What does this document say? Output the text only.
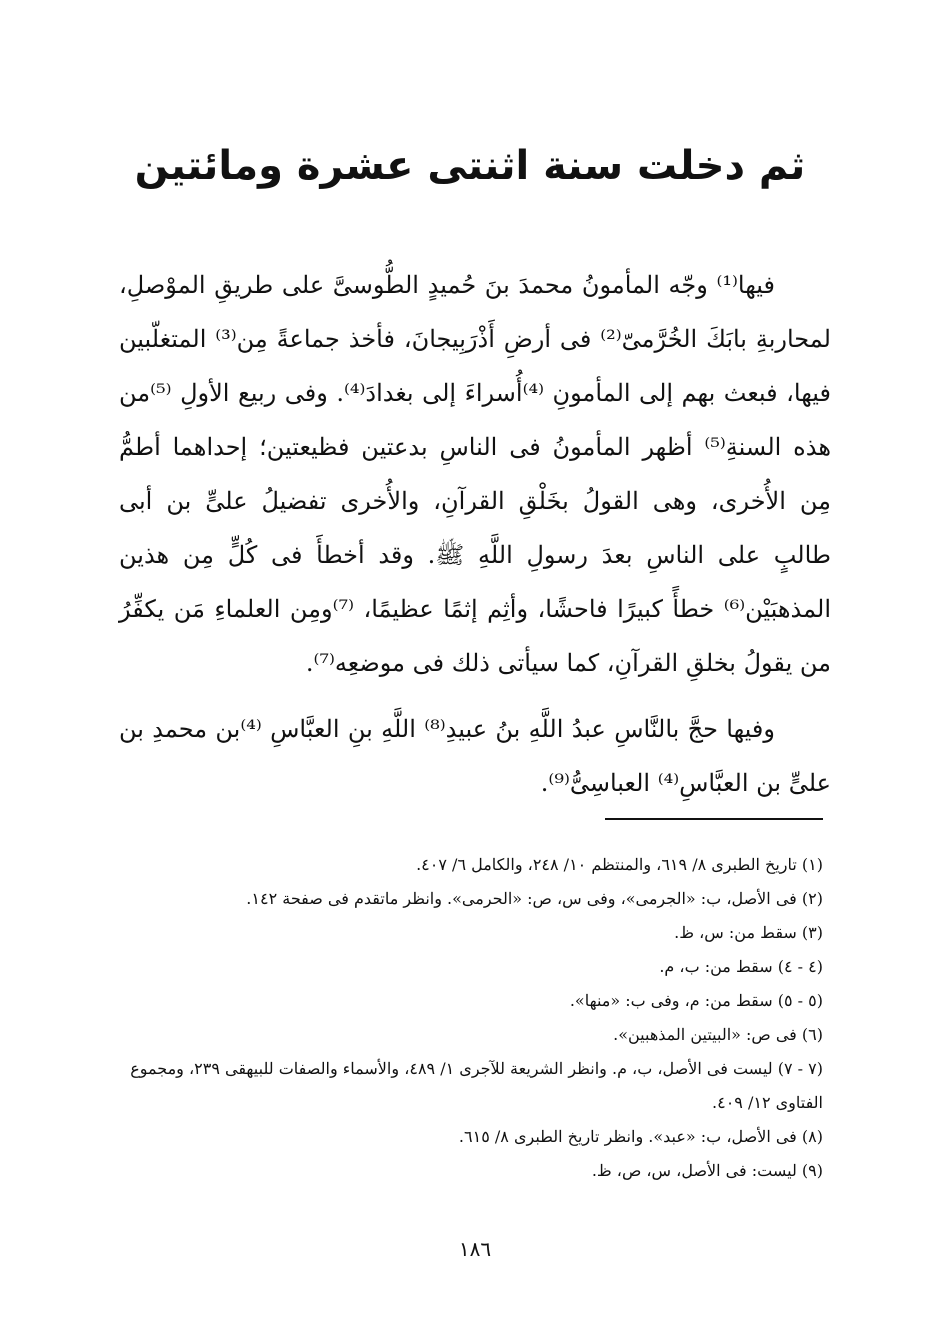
ثم دخلت سنة اثنتى عشرة ومائتين

فيها⁽¹⁾ وجّه المأمونُ محمدَ بنَ حُميدٍ الطُّوسىَّ على طريقِ الموْصلِ، لمحاربةِ بابَكَ الخُرَّمىّ⁽²⁾ فى أرضِ أَذْرَبِيجانَ، فأخذ جماعةً مِن⁽³⁾ المتغلّبين فيها، فبعث بهم إلى المأمونِ ⁽⁴⁾أُسراءَ إلى بغدادَ⁽⁴⁾. وفى ربيع الأولِ ⁽⁵⁾من هذه السنةِ⁽⁵⁾ أظهر المأمونُ فى الناسِ بدعتين فظيعتين؛ إحداهما أطمُّ مِن الأُخرى، وهى القولُ بخَلْقِ القرآنِ، والأُخرى تفضيلُ علىٍّ بن أبى طالبٍ على الناسِ بعدَ رسولِ اللَّهِ ﷺ. وقد أخطأَ فى كُلٍّ مِن هذين المذهبَيْن⁽⁶⁾ خطأً كبيرًا فاحشًا، وأثِم إثمًا عظيمًا، ⁽⁷⁾ومِن العلماءِ مَن يكفِّرُ من يقولُ بخلقِ القرآنِ، كما سيأتى ذلك فى موضعِه⁽⁷⁾.

وفيها حجَّ بالنَّاسِ عبدُ اللَّهِ بنُ عبيدِ⁽⁸⁾ اللَّهِ بنِ العبَّاسِ ⁽⁴⁾بن محمدِ بن علىٍّ بن العبَّاسِ⁽⁴⁾ العباسِىُّ⁽⁹⁾.

(١) تاريخ الطبرى ٨/ ٦١٩، والمنتظم ١٠/ ٢٤٨، والكامل ٦/ ٤٠٧.
(٢) فى الأصل، ب: «الجرمى»، وفى س، ص: «الحرمى». وانظر ماتقدم فى صفحة ١٤٢.
(٣) سقط من: س، ظ.
(٤ - ٤) سقط من: ب، م.
(٥ - ٥) سقط من: م، وفى ب: «منها».
(٦) فى ص: «البيتين المذهبين».
(٧ - ٧) ليست فى الأصل، ب، م. وانظر الشريعة للآجرى ١/ ٤٨٩، والأسماء والصفات للبيهقى ٢٣٩، ومجموع الفتاوى ١٢/ ٤٠٩.
(٨) فى الأصل، ب: «عبد». وانظر تاريخ الطبرى ٨/ ٦١٥.
(٩) ليست: فى الأصل، س، ص، ظ.
١٨٦
